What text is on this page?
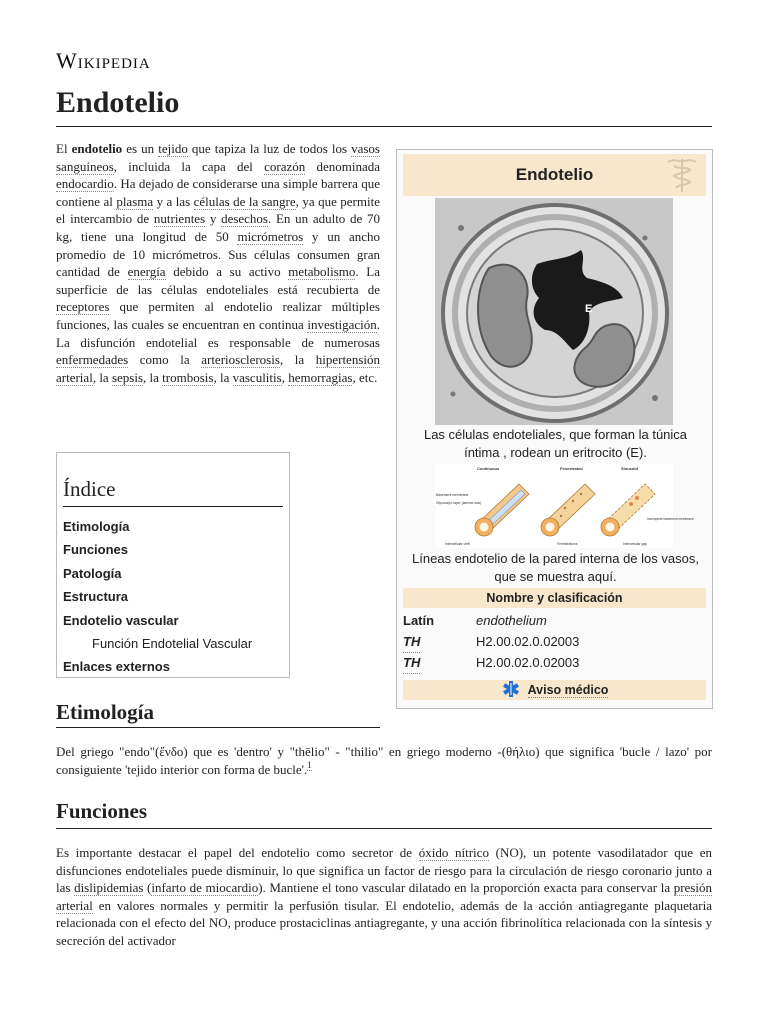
Wikipedia
Endotelio

El endotelio es un tejido que tapiza la luz de todos los vasos sanguíneos, incluida la capa del corazón denominada endocardio. Ha dejado de considerarse una simple barrera que contiene al plasma y a las células de la sangre, ya que permite el intercambio de nutrientes y desechos. En un adulto de 70 kg, tiene una longitud de 50 micrómetros y un ancho promedio de 10 micrómetros. Sus células consumen gran cantidad de energía debido a su activo metabolismo. La superficie de las células endoteliales está recubierta de receptores que permiten al endotelio realizar múltiples funciones, las cuales se encuentran en continua investigación. La disfunción endotelial es responsable de numerosas enfermedades como la arteriosclerosis, la hipertensión arterial, la sepsis, la trombosis, la vasculitis, hemorragias, etc.

Índice
Etimología
Funciones
Patología
Estructura
Endotelio vascular
Función Endotelial Vascular
Enlaces externos
Endotelio
E
Las células endoteliales, que forman la túnica íntima , rodean un eritrocito (E).
Continuous	Fenestrated	Sinusoid
Basement membrane
Glycocalyx layer (lamina rara)
Intercellular cleft	Fenestrations
Incomplete basement membrane
Intercellular gap
Líneas endotelio de la pared interna de los vasos, que se muestra aquí.
Nombre y clasificación
Latín	endothelium
TH	H2.00.02.0.02003
TH	H2.00.02.0.02003
Aviso médico
Etimología

Del griego "endo"(ἔνδο) que es 'dentro' y "thēlio" - "thilio" en griego moderno -(θήλιο) que significa 'bucle / lazo' por consiguiente 'tejido interior con forma de bucle'.$^1$

Funciones

Es importante destacar el papel del endotelio como secretor de óxido nítrico (NO), un potente vasodilatador que en disfunciones endoteliales puede disminuir, lo que significa un factor de riesgo para la circulación de riesgo coronario junto a las dislipidemias (infarto de miocardio). Mantiene el tono vascular dilatado en la proporción exacta para conservar la presión arterial en valores normales y permitir la perfusión tisular. El endotelio, además de la acción antiagregante plaquetaria relacionada con el efecto del NO, produce prostaciclinas antiagregante, y una acción fibrinolítica relacionada con la síntesis y secreción del activador
